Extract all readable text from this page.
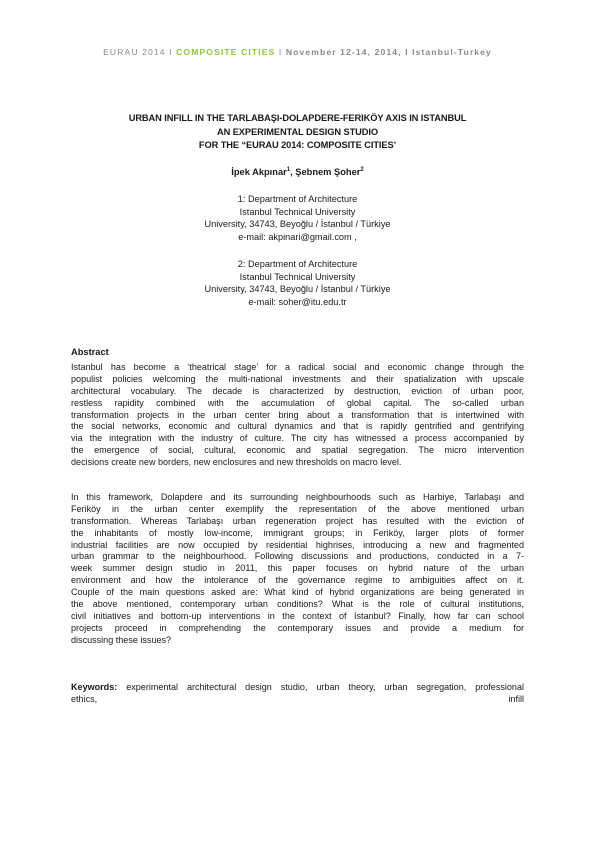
EURAU 2014 I COMPOSITE CITIES I November 12-14, 2014, I Istanbul-Turkey
URBAN INFILL IN THE TARLABAŞI-DOLAPDERE-FERIKÖY AXIS IN ISTANBUL
AN EXPERIMENTAL DESIGN STUDIO
FOR THE “EURAU 2014: COMPOSITE CITIES’
İpek Akpınar$^1$, Şebnem Şoher$^2$
1: Department of Architecture
Istanbul Technical University
University, 34743, Beyoğlu / İstanbul / Türkiye
e-mail: akpinari@gmail.com ,
2: Department of Architecture
Istanbul Technical University
University, 34743, Beyoğlu / İstanbul / Türkiye
e-mail: soher@itu.edu.tr
Abstract
Istanbul has become a ‘theatrical stage’ for a radical social and economic change through the
populist policies welcoming the multi-national investments and their spatialization with upscale
architectural vocabulary. The decade is characterized by destruction, eviction of urban poor,
restless rapidity combined with the accumulation of global capital. The so-called urban
transformation projects in the urban center bring about a transformation that is intertwined with
the social networks, economic and cultural dynamics and that is rapidly gentrified and gentrifying
via the integration with the industry of culture. The city has witnessed a process accompanied by
the emergence of social, cultural, economic and spatial segregation. The micro intervention
decisions create new borders, new enclosures and new thresholds on macro level.
In this framework, Dolapdere and its surrounding neighbourhoods such as Harbiye, Tarlabaşı and
Feriköy in the urban center exemplify the representation of the above mentioned urban
transformation. Whereas Tarlabaşı urban regeneration project has resulted with the eviction of
the inhabitants of mostly low-income, immigrant groups; in Feriköy, larger plots of former
industrial facilities are now occupied by residential highrises, introducing a new and fragmented
urban grammar to the neighbourhood. Following discussions and productions, conducted in a 7-
week summer design studio in 2011, this paper focuses on hybrid nature of the urban
environment and how the intolerance of the governance regime to ambiguities affect on it.
Couple of the main questions asked are: What kind of hybrid organizations are being generated in
the above mentioned, contemporary urban conditions? What is the role of cultural institutions,
civil initiatives and bottom-up interventions in the context of Istanbul? Finally, how far can school
projects proceed in comprehending the contemporary issues and provide a medium for
discussing these issues?
Keywords: experimental architectural design studio, urban theory, urban segregation, professional
ethics,	infill
